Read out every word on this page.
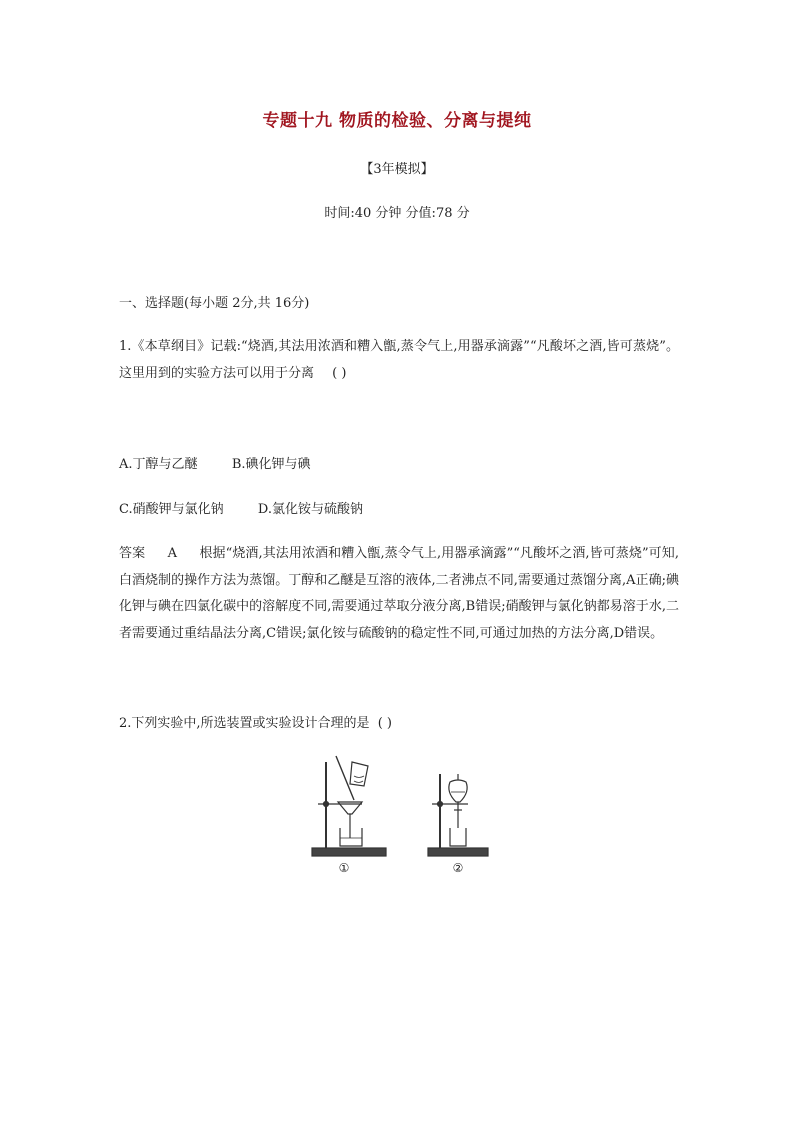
专题十九 物质的检验、分离与提纯
【3年模拟】
时间:40 分钟 分值:78 分
一、选择题(每小题 2分,共 16分)
1.《本草纲目》记载:“烧酒,其法用浓酒和糟入甑,蒸令气上,用器承滴露”“凡酸坏之酒,皆可蒸烧”。这里用到的实验方法可以用于分离 ( )
A.丁醇与乙醚	B.碘化钾与碘
C.硝酸钾与氯化钠	D.氯化铵与硫酸钠
答案 A 根据“烧酒,其法用浓酒和糟入甑,蒸令气上,用器承滴露”“凡酸坏之酒,皆可蒸烧”可知,白酒烧制的操作方法为蒸馏。丁醇和乙醚是互溶的液体,二者沸点不同,需要通过蒸馏分离,A正确;碘化钾与碘在四氯化碳中的溶解度不同,需要通过萃取分液分离,B错误;硝酸钾与氯化钠都易溶于水,二者需要通过重结晶法分离,C错误;氯化铵与硫酸钠的稳定性不同,可通过加热的方法分离,D错误。
2.下列实验中,所选装置或实验设计合理的是 ( )
①	②
